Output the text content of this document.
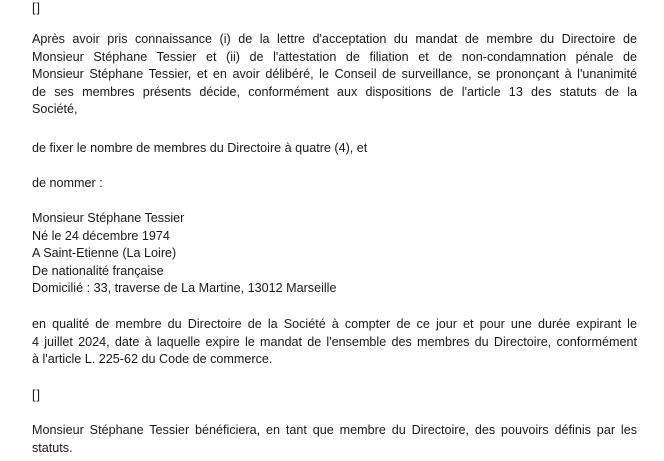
[]
Après avoir pris connaissance (i) de la lettre d'acceptation du mandat de membre du Directoire de
Monsieur Stéphane Tessier et (ii) de l'attestation de filiation et de non-condamnation pénale de
Monsieur Stéphane Tessier, et en avoir délibéré, le Conseil de surveillance, se prononçant à l'unanimité
de ses membres présents décide, conformément aux dispositions de l'article 13 des statuts de la
Société,
de fixer le nombre de membres du Directoire à quatre (4), et
de nommer :
Monsieur Stéphane Tessier
Né le 24 décembre 1974
A Saint-Etienne (La Loire)
De nationalité française
Domicilié : 33, traverse de La Martine, 13012 Marseille
en qualité de membre du Directoire de la Société à compter de ce jour et pour une durée expirant le
4 juillet 2024, date à laquelle expire le mandat de l'ensemble des membres du Directoire, conformément
à l'article L. 225-62 du Code de commerce.
[]
Monsieur Stéphane Tessier bénéficiera, en tant que membre du Directoire, des pouvoirs définis par les
statuts.
